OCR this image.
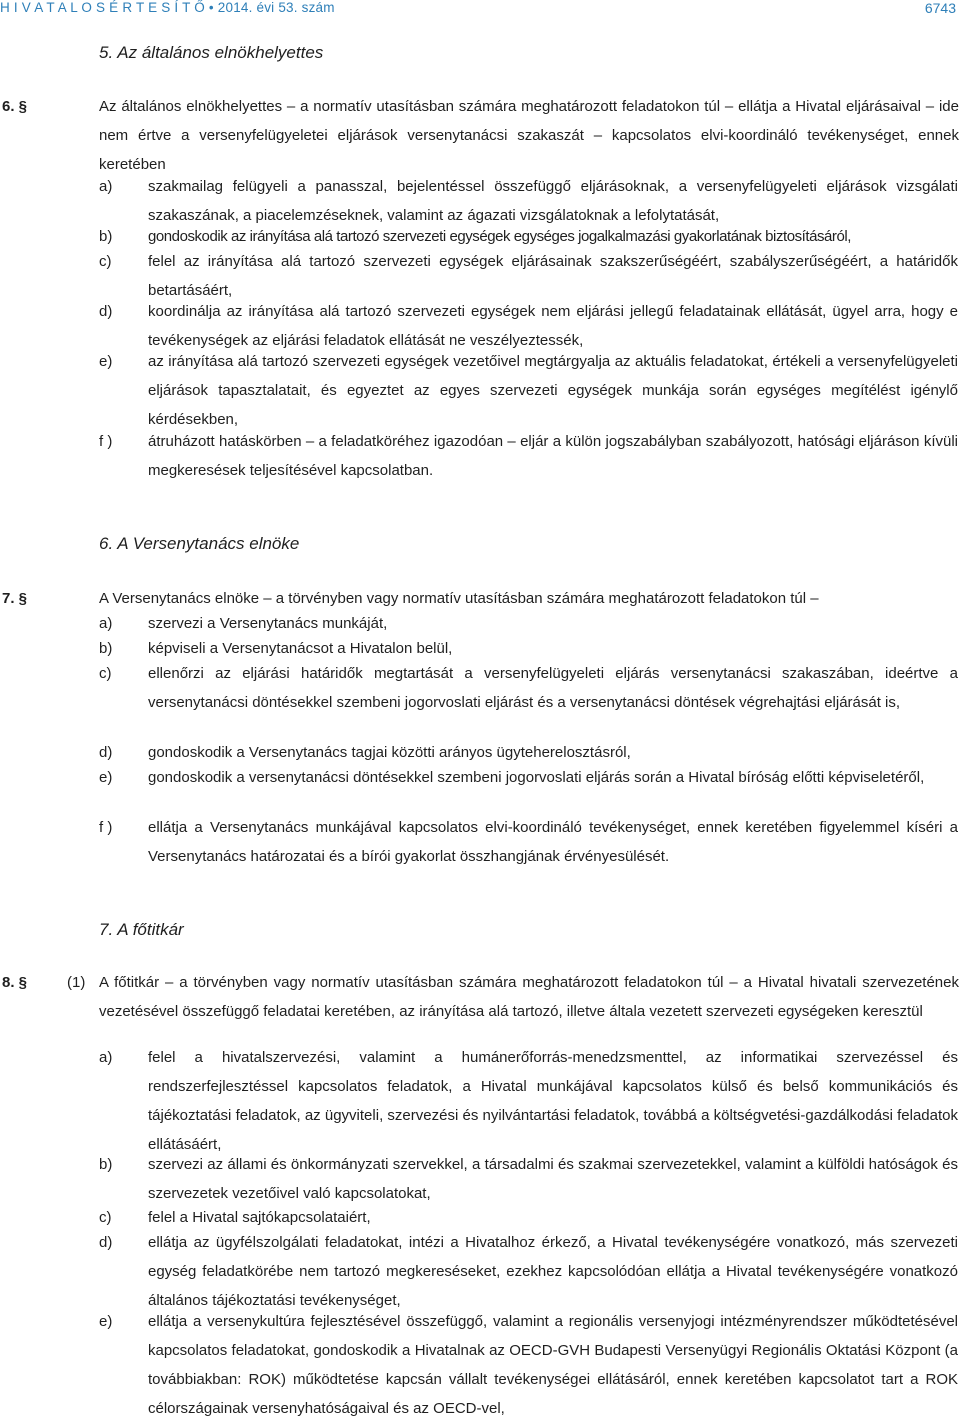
H I V A T A L O S É R T E S Í T Ő • 2014. évi 53. szám	6743
5. Az általános elnökhelyettes
6. §	Az általános elnökhelyettes – a normatív utasításban számára meghatározott feladatokon túl – ellátja a Hivatal eljárásaival – ide nem értve a versenyfelügyeletei eljárások versenytanácsi szakaszát – kapcsolatos elvi-koordináló tevékenységet, ennek keretében
a)	szakmailag felügyeli a panasszal, bejelentéssel összefüggő eljárásoknak, a versenyfelügyeleti eljárások vizsgálati szakaszának, a piacelemzéseknek, valamint az ágazati vizsgálatoknak a lefolytatását,
b)	gondoskodik az irányítása alá tartozó szervezeti egységek egységes jogalkalmazási gyakorlatának biztosításáról,
c)	felel az irányítása alá tartozó szervezeti egységek eljárásainak szakszerűségéért, szabályszerűségéért, a határidők betartásáért,
d)	koordinálja az irányítása alá tartozó szervezeti egységek nem eljárási jellegű feladatainak ellátását, ügyel arra, hogy e tevékenységek az eljárási feladatok ellátását ne veszélyeztessék,
e)	az irányítása alá tartozó szervezeti egységek vezetőivel megtárgyalja az aktuális feladatokat, értékeli a versenyfelügyeleti eljárások tapasztalatait, és egyeztet az egyes szervezeti egységek munkája során egységes megítélést igénylő kérdésekben,
f )	átruházott hatáskörben – a feladatköréhez igazodóan – eljár a külön jogszabályban szabályozott, hatósági eljáráson kívüli megkeresések teljesítésével kapcsolatban.
6. A Versenytanács elnöke
7. §	A Versenytanács elnöke – a törvényben vagy normatív utasításban számára meghatározott feladatokon túl –
a)	szervezi a Versenytanács munkáját,
b)	képviseli a Versenytanácsot a Hivatalon belül,
c)	ellenőrzi az eljárási határidők megtartását a versenyfelügyeleti eljárás versenytanácsi szakaszában, ideértve a versenytanácsi döntésekkel szembeni jogorvoslati eljárást és a versenytanácsi döntések végrehajtási eljárását is,
d)	gondoskodik a Versenytanács tagjai közötti arányos ügyteherelosztásról,
e)	gondoskodik a versenytanácsi döntésekkel szembeni jogorvoslati eljárás során a Hivatal bíróság előtti képviseletéről,
f )	ellátja a Versenytanács munkájával kapcsolatos elvi-koordináló tevékenységet, ennek keretében figyelemmel kíséri a Versenytanács határozatai és a bírói gyakorlat összhangjának érvényesülését.
7. A főtitkár
8. §	(1) A főtitkár – a törvényben vagy normatív utasításban számára meghatározott feladatokon túl – a Hivatal hivatali szervezetének vezetésével összefüggő feladatai keretében, az irányítása alá tartozó, illetve általa vezetett szervezeti egységeken keresztül
a)	felel a hivatalszervezési, valamint a humánerőforrás-menedzsmenttel, az informatikai szervezéssel és rendszerfejlesztéssel kapcsolatos feladatok, a Hivatal munkájával kapcsolatos külső és belső kommunikációs és tájékoztatási feladatok, az ügyviteli, szervezési és nyilvántartási feladatok, továbbá a költségvetési-gazdálkodási feladatok ellátásáért,
b)	szervezi az állami és önkormányzati szervekkel, a társadalmi és szakmai szervezetekkel, valamint a külföldi hatóságok és szervezetek vezetőivel való kapcsolatokat,
c)	felel a Hivatal sajtókapcsolataiért,
d)	ellátja az ügyfélszolgálati feladatokat, intézi a Hivatalhoz érkező, a Hivatal tevékenységére vonatkozó, más szervezeti egység feladatkörébe nem tartozó megkereséseket, ezekhez kapcsolódóan ellátja a Hivatal tevékenységére vonatkozó általános tájékoztatási tevékenységet,
e)	ellátja a versenykultúra fejlesztésével összefüggő, valamint a regionális versenyjogi intézményrendszer működtetésével kapcsolatos feladatokat, gondoskodik a Hivatalnak az OECD-GVH Budapesti Versenyügyi Regionális Oktatási Központ (a továbbiakban: ROK) működtetése kapcsán vállalt tevékenységei ellátásáról, ennek keretében kapcsolatot tart a ROK célországainak versenyhatóságaival és az OECD-vel,
